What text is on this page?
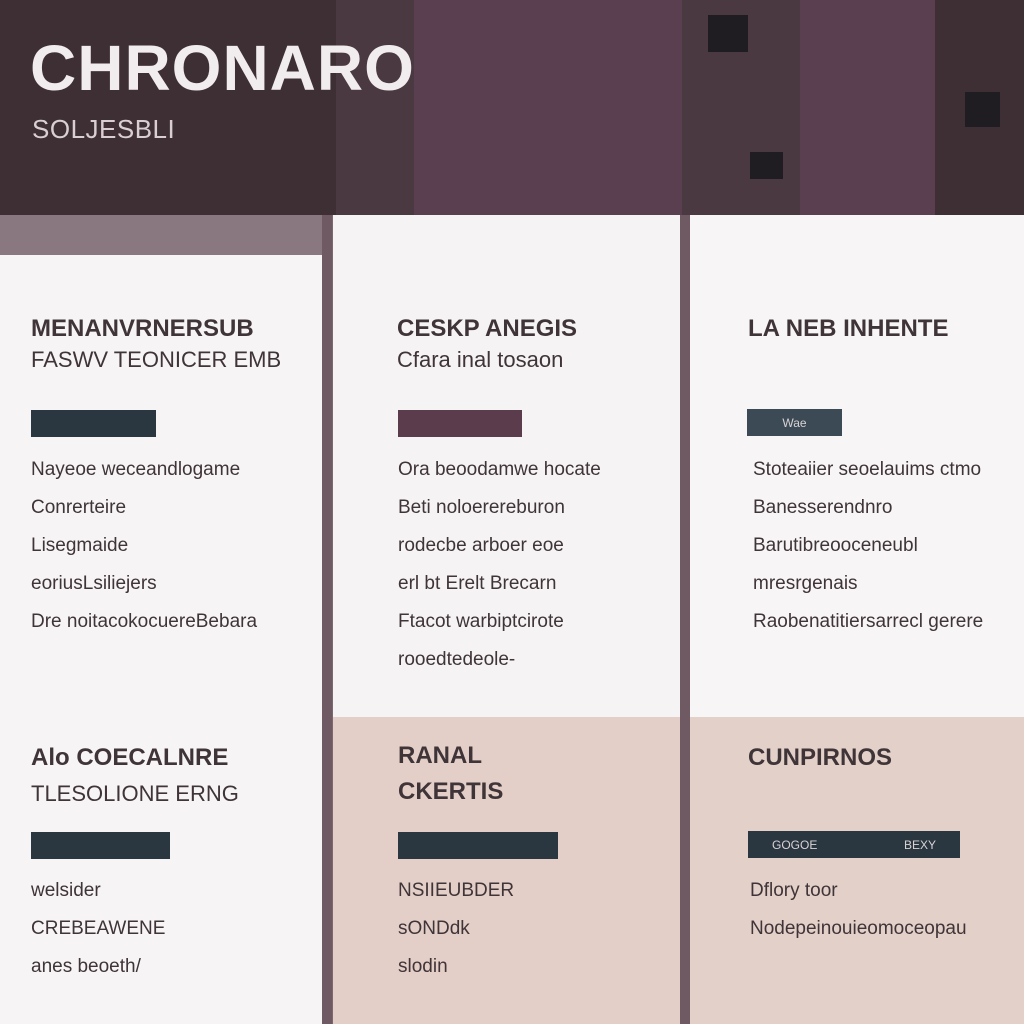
CHRONARO

SOLJESBLI

MENANVRNERSUB
FASWV TEONICER EMB
Nayeoe weceandlogame
Conrerteire
Lisegmaide
eoriusLsiliejers
Dre noitacokocuereBebara
CESKP ANEGIS
Cfara inal tosaon
Ora beoodamwe hocate
Beti noloerereburon
rodecbe arboer eoe
erl bt Erelt Brecarn
Ftacot warbiptcirote
rooedtedeole-
LA NEB INHENTE
Wae
Stoteaiier seoelauims ctmo
Banesserendnro
Barutibreooceneubl
mresrgenais
Raobenatitiersarrecl gerere
Alo COECALNRE
TLESOLIONE ERNG
welsider
CREBEAWENE
anes beoeth/
RANAL
CKERTIS
NSIIEUBDER
sONDdk
slodin
CUNPIRNOS
GOGOE	BEXY
Dflory toor
Nodepeinouieomoceopau
